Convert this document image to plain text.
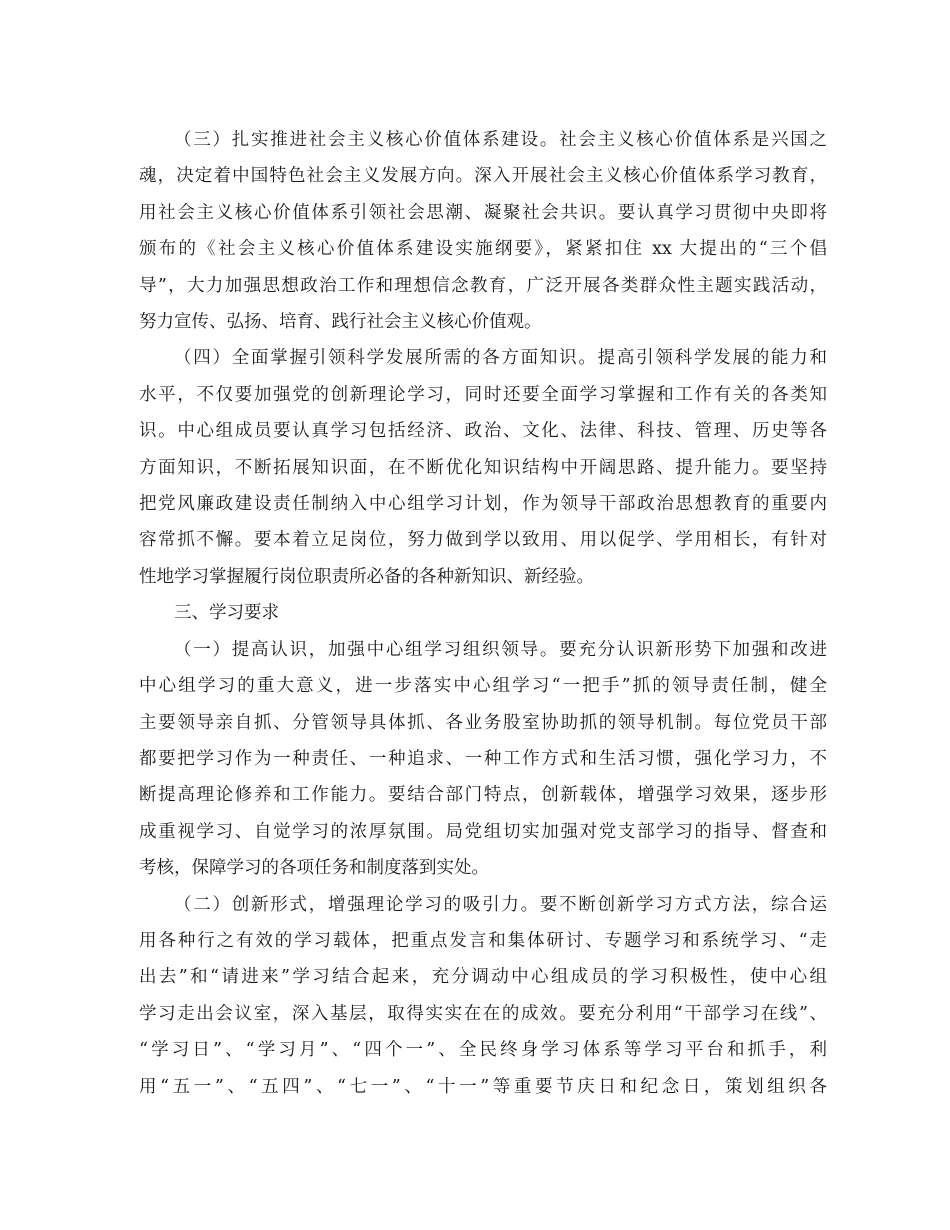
（三）扎实推进社会主义核心价值体系建设。社会主义核心价值体系是兴国之
魂，决定着中国特色社会主义发展方向。深入开展社会主义核心价值体系学习教育，
用社会主义核心价值体系引领社会思潮、凝聚社会共识。要认真学习贯彻中央即将
颁布的《社会主义核心价值体系建设实施纲要》，紧紧扣住 xx 大提出的“三个倡
导”，大力加强思想政治工作和理想信念教育，广泛开展各类群众性主题实践活动，
努力宣传、弘扬、培育、践行社会主义核心价值观。
（四）全面掌握引领科学发展所需的各方面知识。提高引领科学发展的能力和
水平，不仅要加强党的创新理论学习，同时还要全面学习掌握和工作有关的各类知
识。中心组成员要认真学习包括经济、政治、文化、法律、科技、管理、历史等各
方面知识，不断拓展知识面，在不断优化知识结构中开阔思路、提升能力。要坚持
把党风廉政建设责任制纳入中心组学习计划，作为领导干部政治思想教育的重要内
容常抓不懈。要本着立足岗位，努力做到学以致用、用以促学、学用相长，有针对
性地学习掌握履行岗位职责所必备的各种新知识、新经验。
三、学习要求
（一）提高认识，加强中心组学习组织领导。要充分认识新形势下加强和改进
中心组学习的重大意义，进一步落实中心组学习“一把手”抓的领导责任制，健全
主要领导亲自抓、分管领导具体抓、各业务股室协助抓的领导机制。每位党员干部
都要把学习作为一种责任、一种追求、一种工作方式和生活习惯，强化学习力，不
断提高理论修养和工作能力。要结合部门特点，创新载体，增强学习效果，逐步形
成重视学习、自觉学习的浓厚氛围。局党组切实加强对党支部学习的指导、督查和
考核，保障学习的各项任务和制度落到实处。
（二）创新形式，增强理论学习的吸引力。要不断创新学习方式方法，综合运
用各种行之有效的学习载体，把重点发言和集体研讨、专题学习和系统学习、“走
出去”和“请进来”学习结合起来，充分调动中心组成员的学习积极性，使中心组
学习走出会议室，深入基层，取得实实在在的成效。要充分利用“干部学习在线”、
“学习日”、“学习月”、“四个一”、全民终身学习体系等学习平台和抓手，利
用“五一”、“五四”、“七一”、“十一”等重要节庆日和纪念日，策划组织各
